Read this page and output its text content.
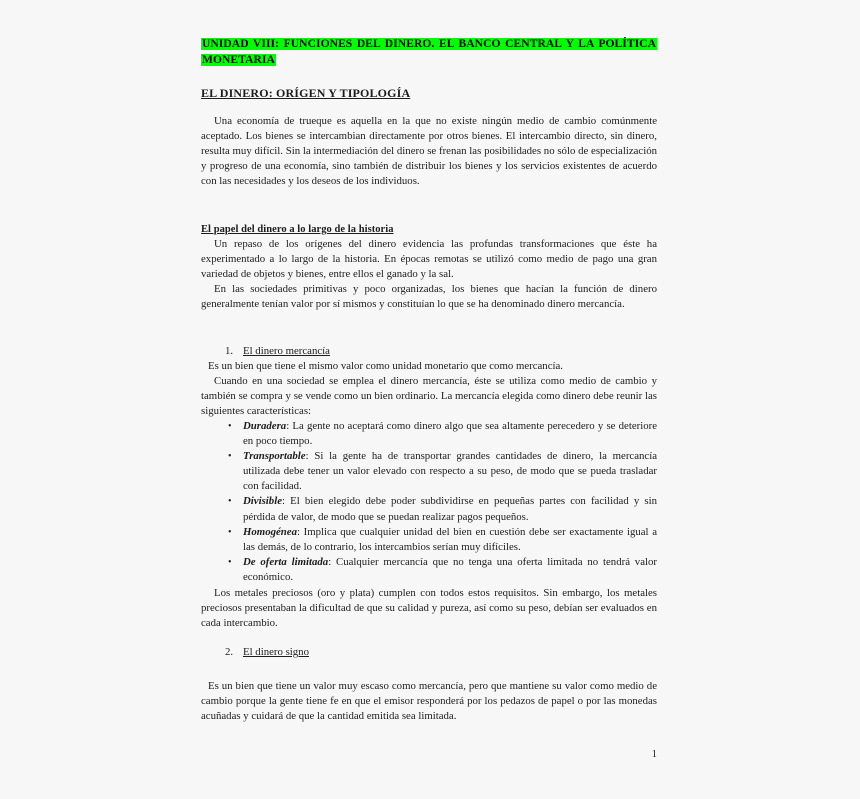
UNIDAD VIII: FUNCIONES DEL DINERO. EL BANCO CENTRAL Y LA POLÍTICA MONETARIA
EL DINERO: ORÍGEN Y TIPOLOGÍA

Una economía de trueque es aquella en la que no existe ningún medio de cambio comúnmente aceptado. Los bienes se intercambian directamente por otros bienes. El intercambio directo, sin dinero, resulta muy difícil. Sin la intermediación del dinero se frenan las posibilidades no sólo de especialización y progreso de una economía, sino también de distribuir los bienes y los servicios existentes de acuerdo con las necesidades y los deseos de los individuos.

El papel del dinero a lo largo de la historia

Un repaso de los orígenes del dinero evidencia las profundas transformaciones que éste ha experimentado a lo largo de la historia. En épocas remotas se utilizó como medio de pago una gran variedad de objetos y bienes, entre ellos el ganado y la sal.

En las sociedades primitivas y poco organizadas, los bienes que hacían la función de dinero generalmente tenían valor por sí mismos y constituían lo que se ha denominado dinero mercancía.

1. El dinero mercancía

Es un bien que tiene el mismo valor como unidad monetario que como mercancía.

Cuando en una sociedad se emplea el dinero mercancía, éste se utiliza como medio de cambio y también se compra y se vende como un bien ordinario. La mercancía elegida como dinero debe reunir las siguientes características:

• Duradera: La gente no aceptará como dinero algo que sea altamente perecedero y se deteriore en poco tiempo.
• Transportable: Si la gente ha de transportar grandes cantidades de dinero, la mercancía utilizada debe tener un valor elevado con respecto a su peso, de modo que se pueda trasladar con facilidad.
• Divisible: El bien elegido debe poder subdividirse en pequeñas partes con facilidad y sin pérdida de valor, de modo que se puedan realizar pagos pequeños.
• Homogénea: Implica que cualquier unidad del bien en cuestión debe ser exactamente igual a las demás, de lo contrario, los intercambios serían muy difíciles.
• De oferta limitada: Cualquier mercancía que no tenga una oferta limitada no tendrá valor económico.

Los metales preciosos (oro y plata) cumplen con todos estos requisitos. Sin embargo, los metales preciosos presentaban la dificultad de que su calidad y pureza, así como su peso, debían ser evaluados en cada intercambio.

2. El dinero signo

Es un bien que tiene un valor muy escaso como mercancía, pero que mantiene su valor como medio de cambio porque la gente tiene fe en que el emisor responderá por los pedazos de papel o por las monedas acuñadas y cuidará de que la cantidad emitida sea limitada.

1
